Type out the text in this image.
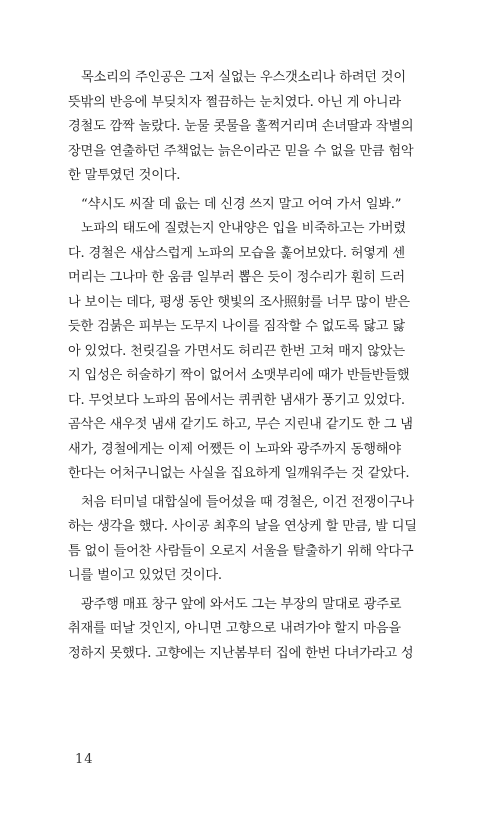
목소리의 주인공은 그저 실없는 우스갯소리나 하려던 것이
뜻밖의 반응에 부딪치자 쩔끔하는 눈치였다. 아닌 게 아니라
경철도 깜짝 놀랐다. 눈물 콧물을 훌쩍거리며 손녀딸과 작별의
장면을 연출하던 주책없는 늙은이라곤 믿을 수 없을 만큼 험악
한 말투였던 것이다.
“샥시도 씨잘 데 읎는 데 신경 쓰지 말고 어여 가서 일봐.”
노파의 태도에 질렸는지 안내양은 입을 비죽하고는 가버렸
다. 경철은 새삼스럽게 노파의 모습을 훑어보았다. 허옇게 센
머리는 그나마 한 움큼 일부러 뽑은 듯이 정수리가 훤히 드러
나 보이는 데다, 평생 동안 햇빛의 조사照射를 너무 많이 받은
듯한 검붉은 피부는 도무지 나이를 짐작할 수 없도록 닳고 닳
아 있었다. 천릿길을 가면서도 허리끈 한번 고쳐 매지 않았는
지 입성은 허술하기 짝이 없어서 소맷부리에 때가 반들반들했
다. 무엇보다 노파의 몸에서는 퀴퀴한 냄새가 풍기고 있었다.
곰삭은 새우젓 냄새 같기도 하고, 무슨 지린내 같기도 한 그 냄
새가, 경철에게는 이제 어쨌든 이 노파와 광주까지 동행해야
한다는 어처구니없는 사실을 집요하게 일깨워주는 것 같았다.
처음 터미널 대합실에 들어섰을 때 경철은, 이건 전쟁이구나
하는 생각을 했다. 사이공 최후의 날을 연상케 할 만큼, 발 디딜
틈 없이 들어찬 사람들이 오로지 서울을 탈출하기 위해 악다구
니를 벌이고 있었던 것이다.
광주행 매표 창구 앞에 와서도 그는 부장의 말대로 광주로
취재를 떠날 것인지, 아니면 고향으로 내려가야 할지 마음을
정하지 못했다. 고향에는 지난봄부터 집에 한번 다녀가라고 성
14
